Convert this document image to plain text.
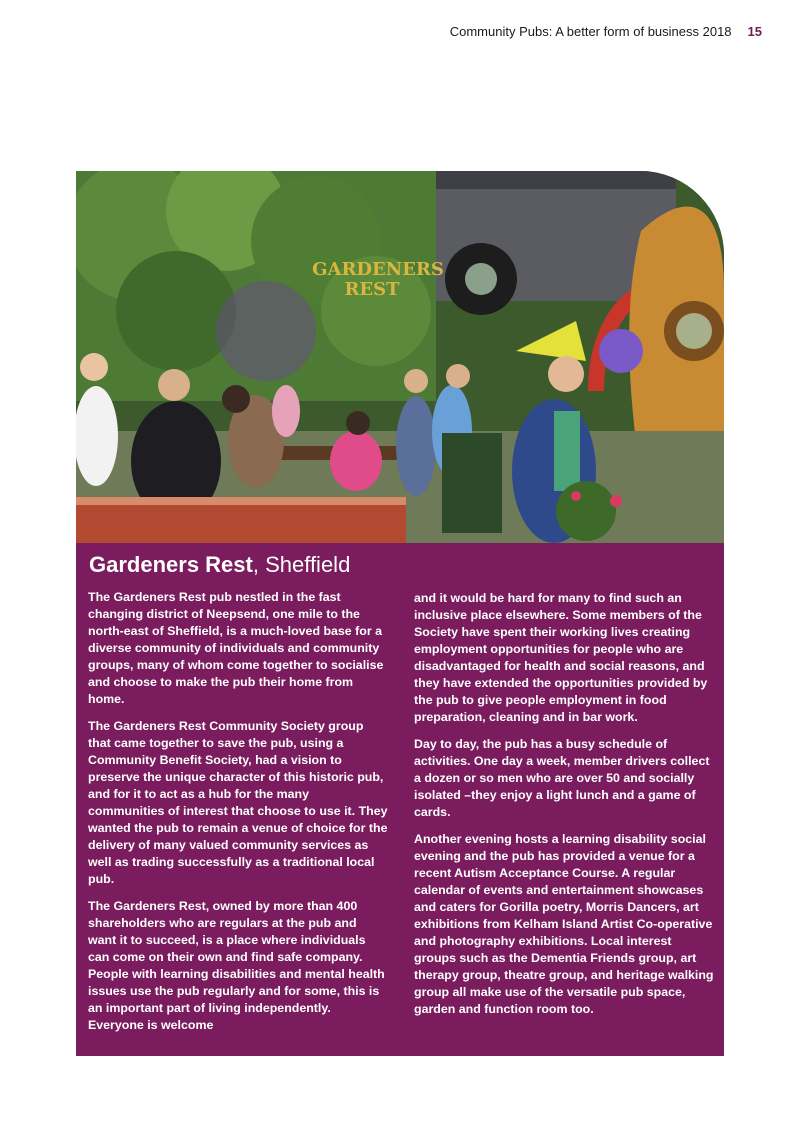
Community Pubs: A better form of business 2018 15
GARDENERS
REST
Gardeners Rest, Sheffield

The Gardeners Rest pub nestled in the fast changing district of Neepsend, one mile to the north-east of Sheffield, is a much-loved base for a diverse community of individuals and community groups, many of whom come together to socialise and choose to make the pub their home from home.

The Gardeners Rest Community Society group that came together to save the pub, using a Community Benefit Society, had a vision to preserve the unique character of this historic pub, and for it to act as a hub for the many communities of interest that choose to use it. They wanted the pub to remain a venue of choice for the delivery of many valued community services as well as trading successfully as a traditional local pub.

The Gardeners Rest, owned by more than 400 shareholders who are regulars at the pub and want it to succeed, is a place where individuals can come on their own and find safe company. People with learning disabilities and mental health issues use the pub regularly and for some, this is an important part of living independently. Everyone is welcome

and it would be hard for many to find such an inclusive place elsewhere. Some members of the Society have spent their working lives creating employment opportunities for people who are disadvantaged for health and social reasons, and they have extended the opportunities provided by the pub to give people employment in food preparation, cleaning and in bar work.

Day to day, the pub has a busy schedule of activities. One day a week, member drivers collect a dozen or so men who are over 50 and socially isolated –they enjoy a light lunch and a game of cards.

Another evening hosts a learning disability social evening and the pub has provided a venue for a recent Autism Acceptance Course. A regular calendar of events and entertainment showcases and caters for Gorilla poetry, Morris Dancers, art exhibitions from Kelham Island Artist Co-operative and photography exhibitions. Local interest groups such as the Dementia Friends group, art therapy group, theatre group, and heritage walking group all make use of the versatile pub space, garden and function room too.
